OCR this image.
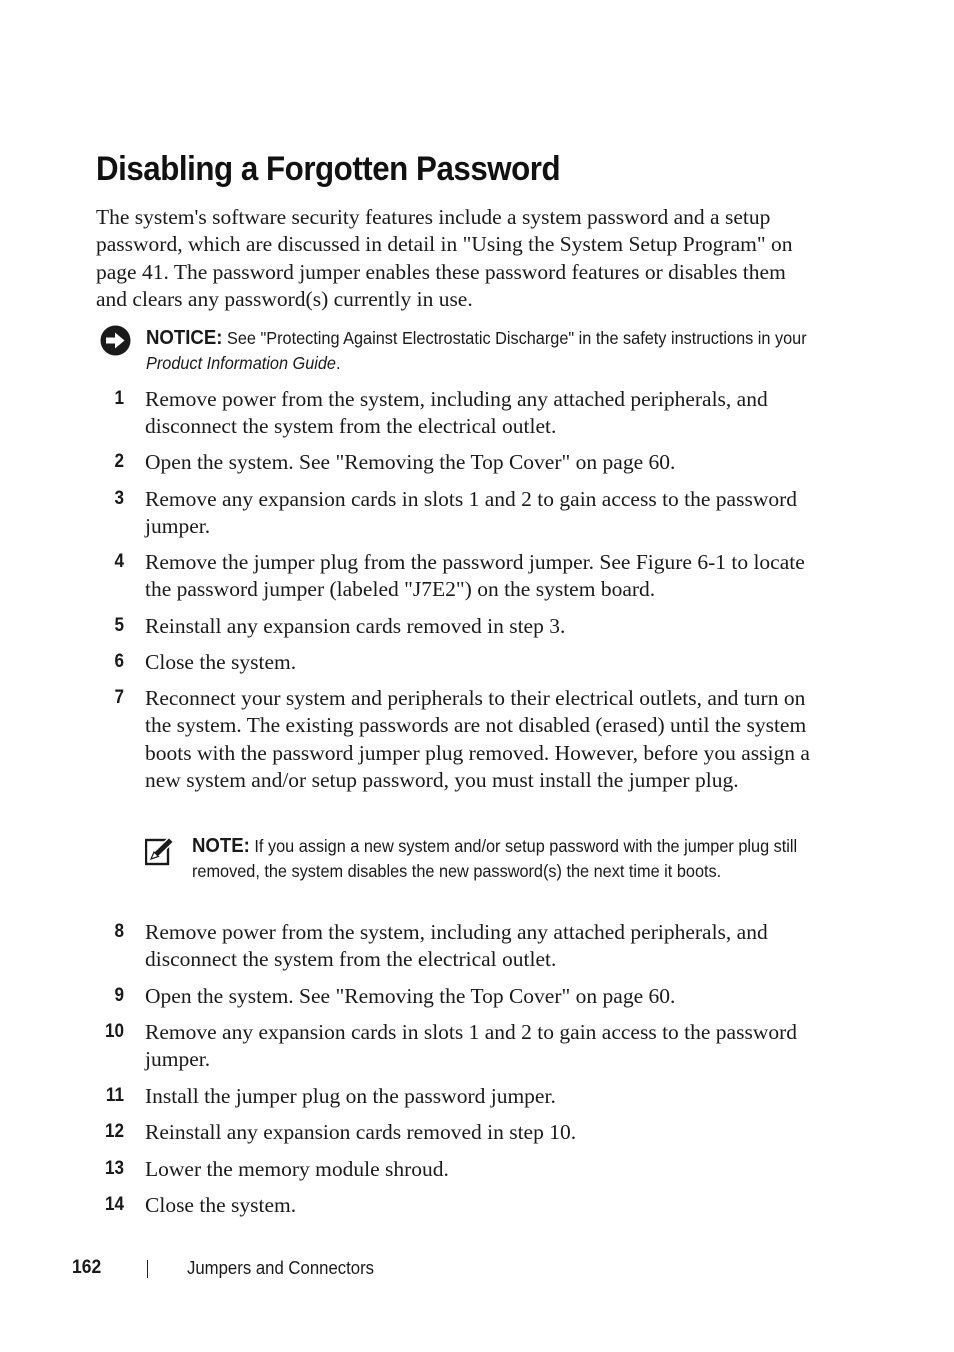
Disabling a Forgotten Password

The system's software security features include a system password and a setup password, which are discussed in detail in "Using the System Setup Program" on page 41. The password jumper enables these password features or disables them and clears any password(s) currently in use.

NOTICE: See "Protecting Against Electrostatic Discharge" in the safety instructions in your Product Information Guide.

1 Remove power from the system, including any attached peripherals, and disconnect the system from the electrical outlet.

2 Open the system. See "Removing the Top Cover" on page 60.

3 Remove any expansion cards in slots 1 and 2 to gain access to the password jumper.

4 Remove the jumper plug from the password jumper. See Figure 6-1 to locate the password jumper (labeled "J7E2") on the system board.

5 Reinstall any expansion cards removed in step 3.

6 Close the system.

7 Reconnect your system and peripherals to their electrical outlets, and turn on the system. The existing passwords are not disabled (erased) until the system boots with the password jumper plug removed. However, before you assign a new system and/or setup password, you must install the jumper plug.

NOTE: If you assign a new system and/or setup password with the jumper plug still removed, the system disables the new password(s) the next time it boots.

8 Remove power from the system, including any attached peripherals, and disconnect the system from the electrical outlet.

9 Open the system. See "Removing the Top Cover" on page 60.

10 Remove any expansion cards in slots 1 and 2 to gain access to the password jumper.

11 Install the jumper plug on the password jumper.

12 Reinstall any expansion cards removed in step 10.

13 Lower the memory module shroud.

14 Close the system.

162	Jumpers and Connectors
